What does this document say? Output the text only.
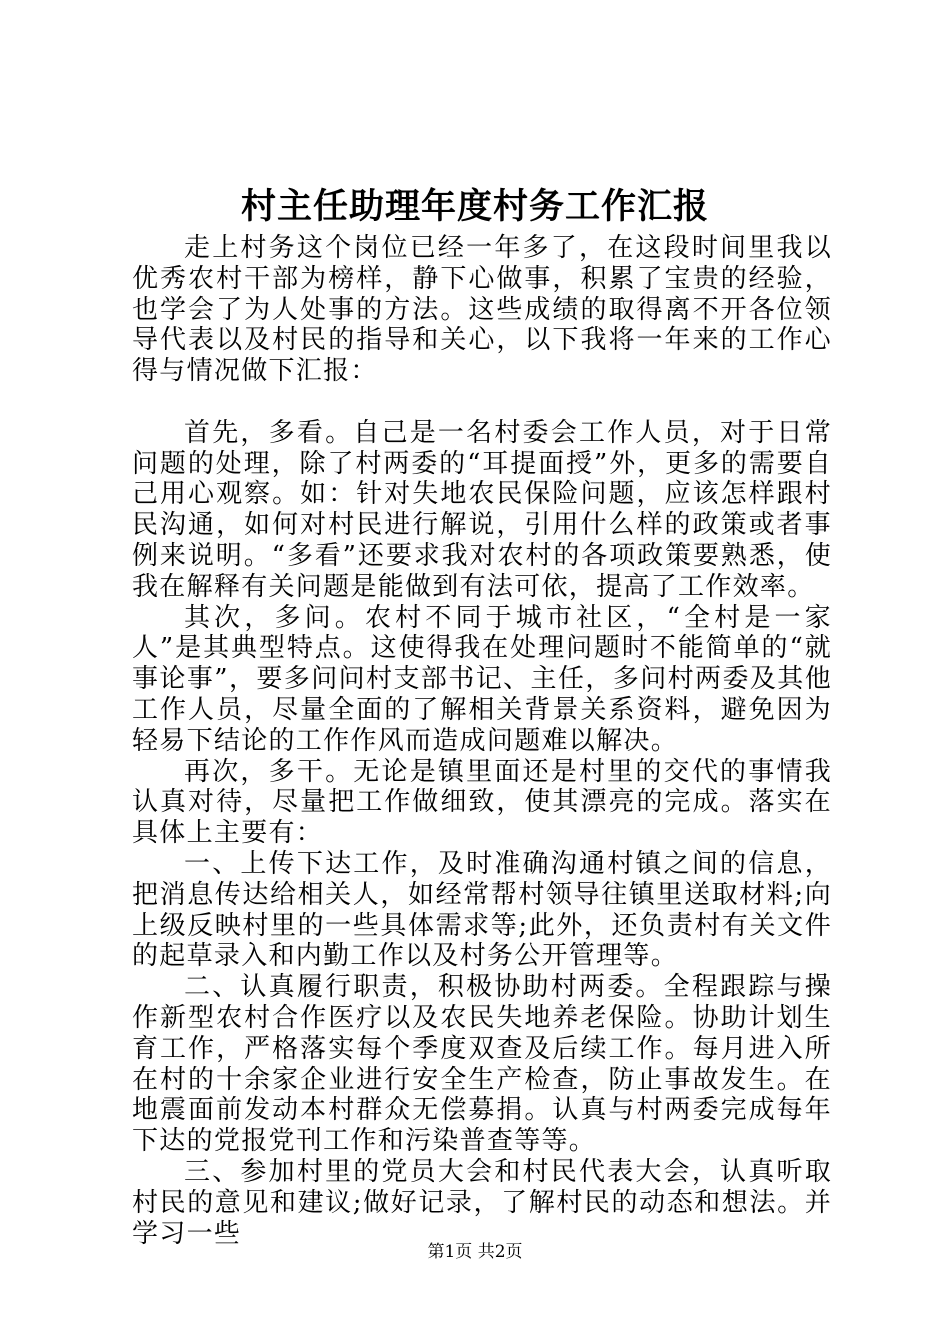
村主任助理年度村务工作汇报

走上村务这个岗位已经一年多了，在这段时间里我以优秀农村干部为榜样，静下心做事，积累了宝贵的经验，也学会了为人处事的方法。这些成绩的取得离不开各位领导代表以及村民的指导和关心，以下我将一年来的工作心得与情况做下汇报：

首先，多看。自己是一名村委会工作人员，对于日常问题的处理，除了村两委的“耳提面授”外，更多的需要自己用心观察。如：针对失地农民保险问题，应该怎样跟村民沟通，如何对村民进行解说，引用什么样的政策或者事例来说明。“多看”还要求我对农村的各项政策要熟悉，使我在解释有关问题是能做到有法可依，提高了工作效率。

其次，多问。农村不同于城市社区，“全村是一家人”是其典型特点。这使得我在处理问题时不能简单的“就事论事”，要多问问村支部书记、主任，多问村两委及其他工作人员，尽量全面的了解相关背景关系资料，避免因为轻易下结论的工作作风而造成问题难以解决。

再次，多干。无论是镇里面还是村里的交代的事情我认真对待，尽量把工作做细致，使其漂亮的完成。落实在具体上主要有：

一、上传下达工作，及时准确沟通村镇之间的信息，把消息传达给相关人，如经常帮村领导往镇里送取材料;向上级反映村里的一些具体需求等;此外，还负责村有关文件的起草录入和内勤工作以及村务公开管理等。

二、认真履行职责，积极协助村两委。全程跟踪与操作新型农村合作医疗以及农民失地养老保险。协助计划生育工作，严格落实每个季度双查及后续工作。每月进入所在村的十余家企业进行安全生产检查，防止事故发生。在地震面前发动本村群众无偿募捐。认真与村两委完成每年下达的党报党刊工作和污染普查等等。

三、参加村里的党员大会和村民代表大会，认真听取村民的意见和建议;做好记录，了解村民的动态和想法。并学习一些

第1页 共2页
